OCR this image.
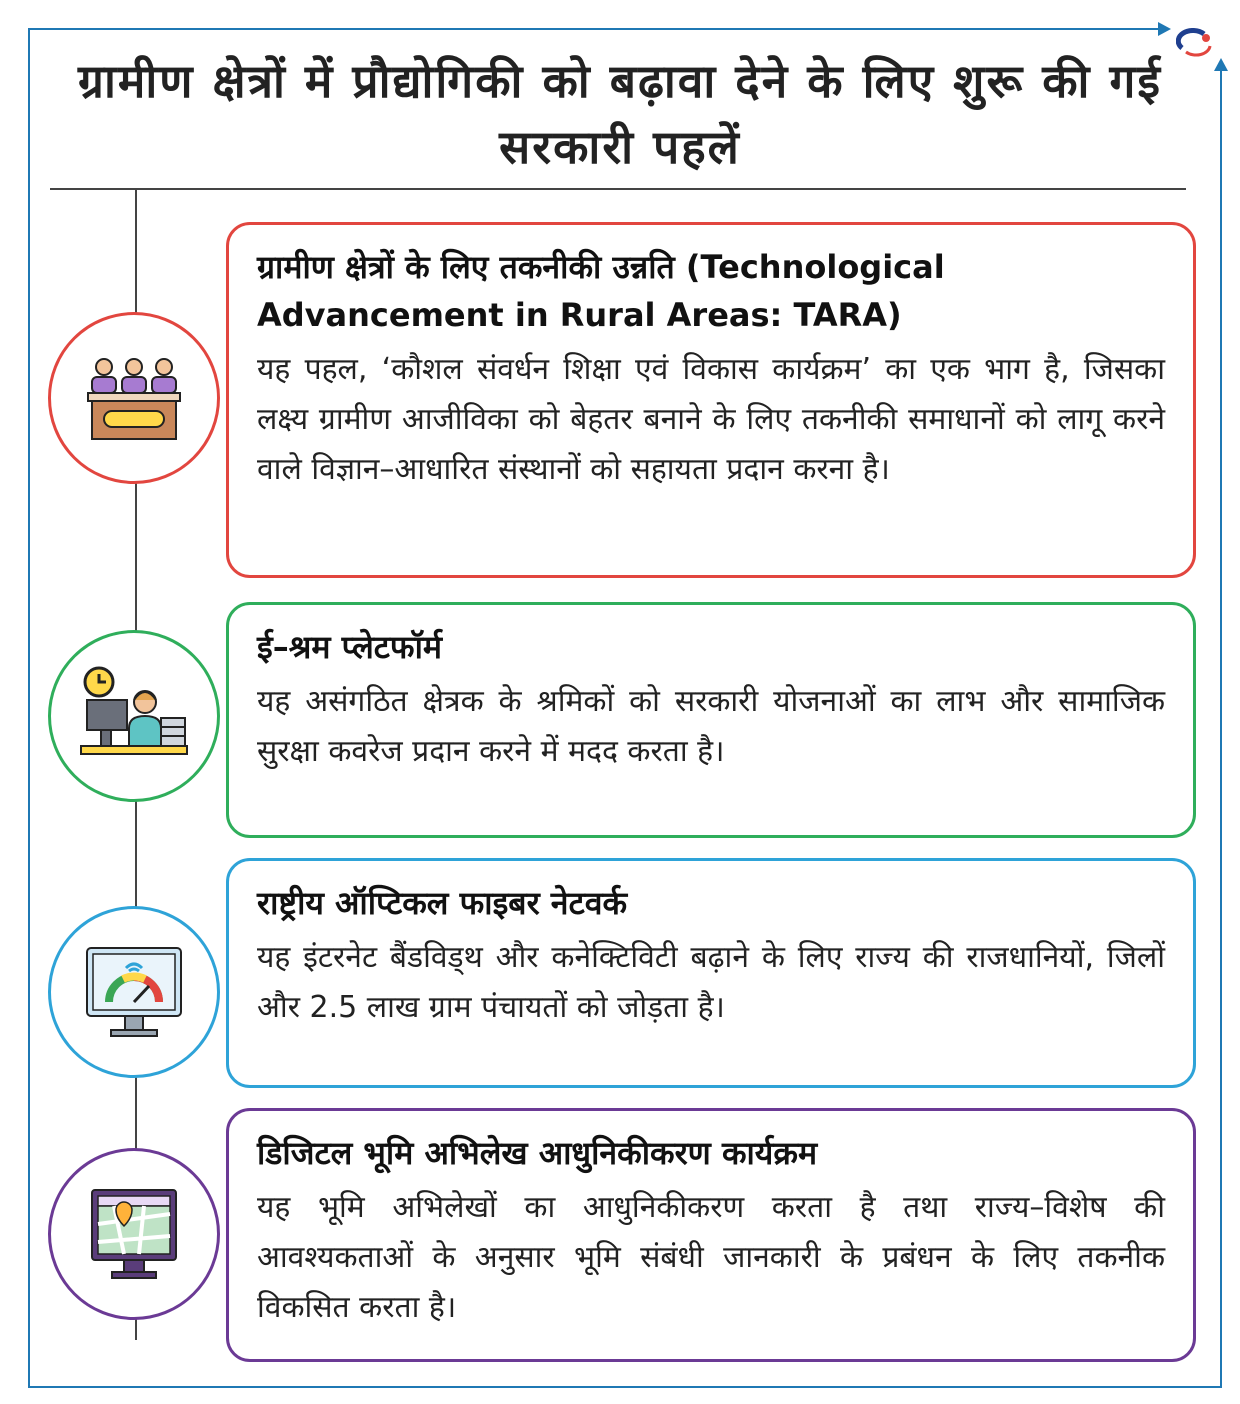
ग्रामीण क्षेत्रों में प्रौद्योगिकी को बढ़ावा देने के लिए शुरू की गई सरकारी पहलें
ग्रामीण क्षेत्रों के लिए तकनीकी उन्नति (Technological Advancement in Rural Areas: TARA)
यह पहल, ‘कौशल संवर्धन शिक्षा एवं विकास कार्यक्रम’ का एक भाग है, जिसका लक्ष्य ग्रामीण आजीविका को बेहतर बनाने के लिए तकनीकी समाधानों को लागू करने वाले विज्ञान–आधारित संस्थानों को सहायता प्रदान करना है।
ई–श्रम प्लेटफॉर्म
यह असंगठित क्षेत्रक के श्रमिकों को सरकारी योजनाओं का लाभ और सामाजिक सुरक्षा कवरेज प्रदान करने में मदद करता है।
राष्ट्रीय ऑप्टिकल फाइबर नेटवर्क
यह इंटरनेट बैंडविड्थ और कनेक्टिविटी बढ़ाने के लिए राज्य की राजधानियों, जिलों और 2.5 लाख ग्राम पंचायतों को जोड़ता है।
डिजिटल भूमि अभिलेख आधुनिकीकरण कार्यक्रम
यह भूमि अभिलेखों का आधुनिकीकरण करता है तथा राज्य–विशेष की आवश्यकताओं के अनुसार भूमि संबंधी जानकारी के प्रबंधन के लिए तकनीक विकसित करता है।
